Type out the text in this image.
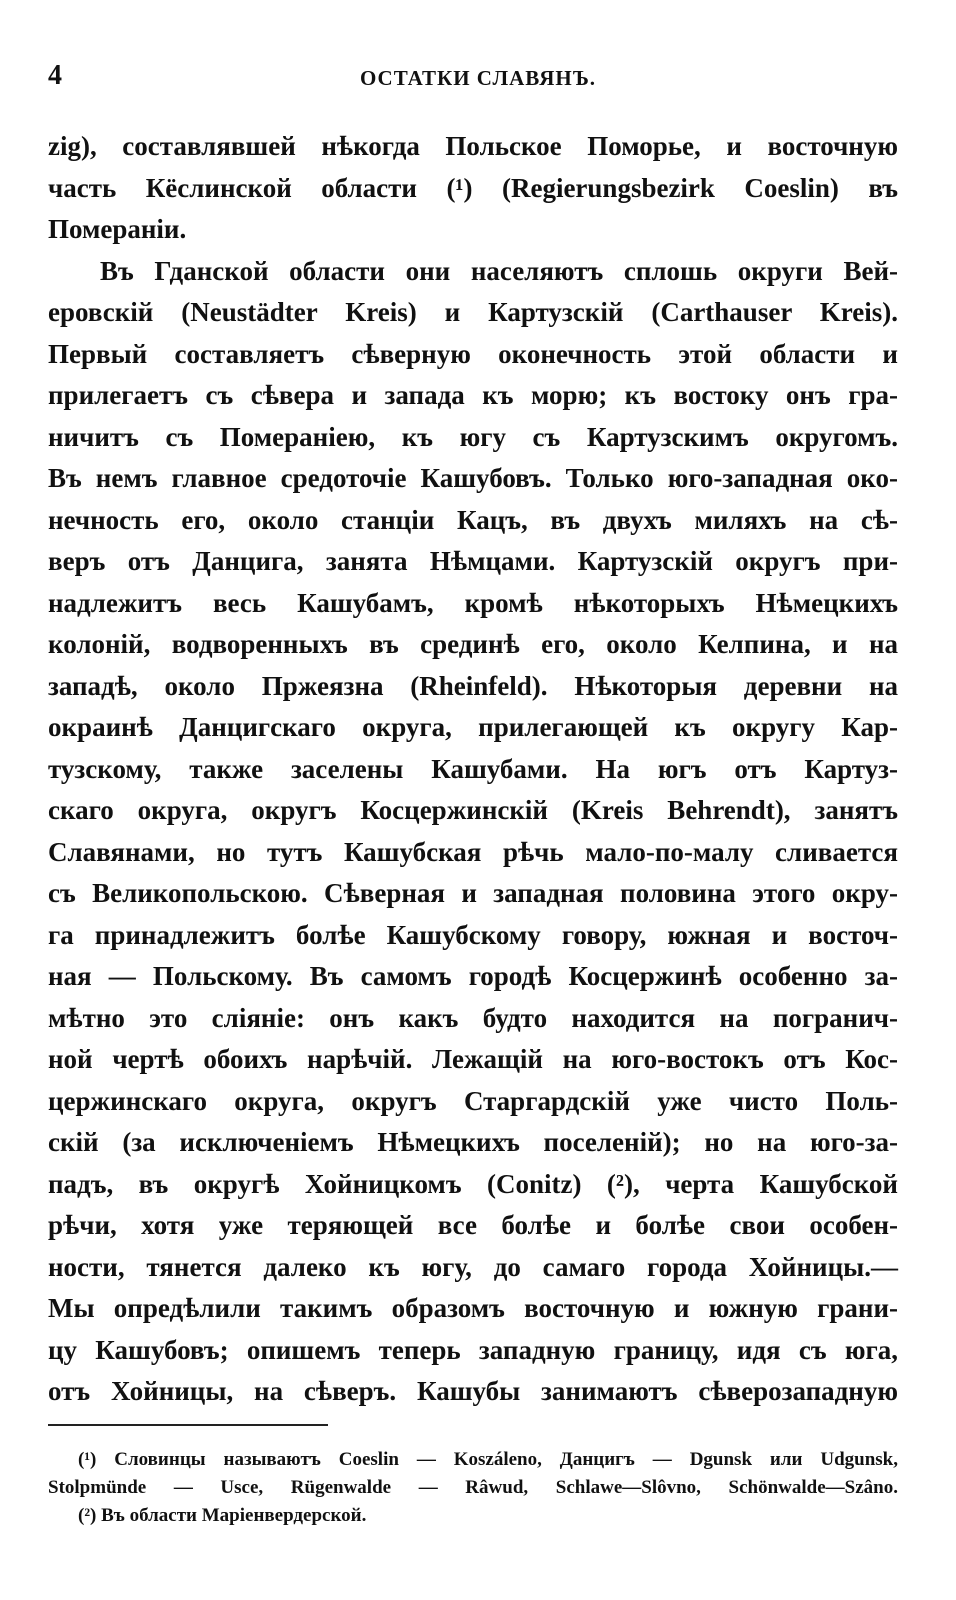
4	ОСТАТКИ СЛАВЯНЪ.
zig), составлявшей нѣкогда Польское Поморье, и восточную
часть Кёслинской области (¹) (Regierungsbezirk Coeslin) въ
Помераніи.
Въ Гданской области они населяютъ сплошь округи Вей-
еровскій (Neustädter Kreis) и Картузскій (Carthauser Kreis).
Первый составляетъ сѣверную оконечность этой области и
прилегаетъ съ сѣвера и запада къ морю; къ востоку онъ гра-
ничитъ съ Помераніею, къ югу съ Картузскимъ округомъ.
Въ немъ главное средоточіе Кашубовъ. Только юго-западная око-
нечность его, около станціи Кацъ, въ двухъ миляхъ на сѣ-
веръ отъ Данцига, занята Нѣмцами. Картузскій округъ при-
надлежитъ весь Кашубамъ, кромѣ нѣкоторыхъ Нѣмецкихъ
колоній, водворенныхъ въ срединѣ его, около Келпина, и на
западѣ, около Пржеязна (Rheinfeld). Нѣкоторыя деревни на
окраинѣ Данцигскаго округа, прилегающей къ округу Кар-
тузскому, также заселены Кашубами. На югъ отъ Картуз-
скаго округа, округъ Косцержинскій (Kreis Behrendt), занятъ
Славянами, но тутъ Кашубская рѣчь мало-по-малу сливается
съ Великопольскою. Сѣверная и западная половина этого окру-
га принадлежитъ болѣе Кашубскому говору, южная и восточ-
ная — Польскому. Въ самомъ городѣ Косцержинѣ особенно за-
мѣтно это сліяніе: онъ какъ будто находится на погранич-
ной чертѣ обоихъ нарѣчій. Лежащій на юго-востокъ отъ Кос-
цержинскаго округа, округъ Старгардскій уже чисто Поль-
скій (за исключеніемъ Нѣмецкихъ поселеній); но на юго-за-
падъ, въ округѣ Хойницкомъ (Conitz) (²), черта Кашубской
рѣчи, хотя уже теряющей все болѣе и болѣе свои особен-
ности, тянется далеко къ югу, до самаго города Хойницы.—
Мы опредѣлили такимъ образомъ восточную и южную грани-
цу Кашубовъ; опишемъ теперь западную границу, идя съ юга,
отъ Хойницы, на сѣверъ. Кашубы занимаютъ сѣверозападную
(¹) Словинцы называютъ Coeslin — Koszáleno, Данцигъ — Dgunsk или Udgunsk,
Stolpmünde — Usce, Rügenwalde — Râwud, Schlawe—Slôvno, Schönwalde—Szâno.
(²) Въ области Маріенвердерской.
